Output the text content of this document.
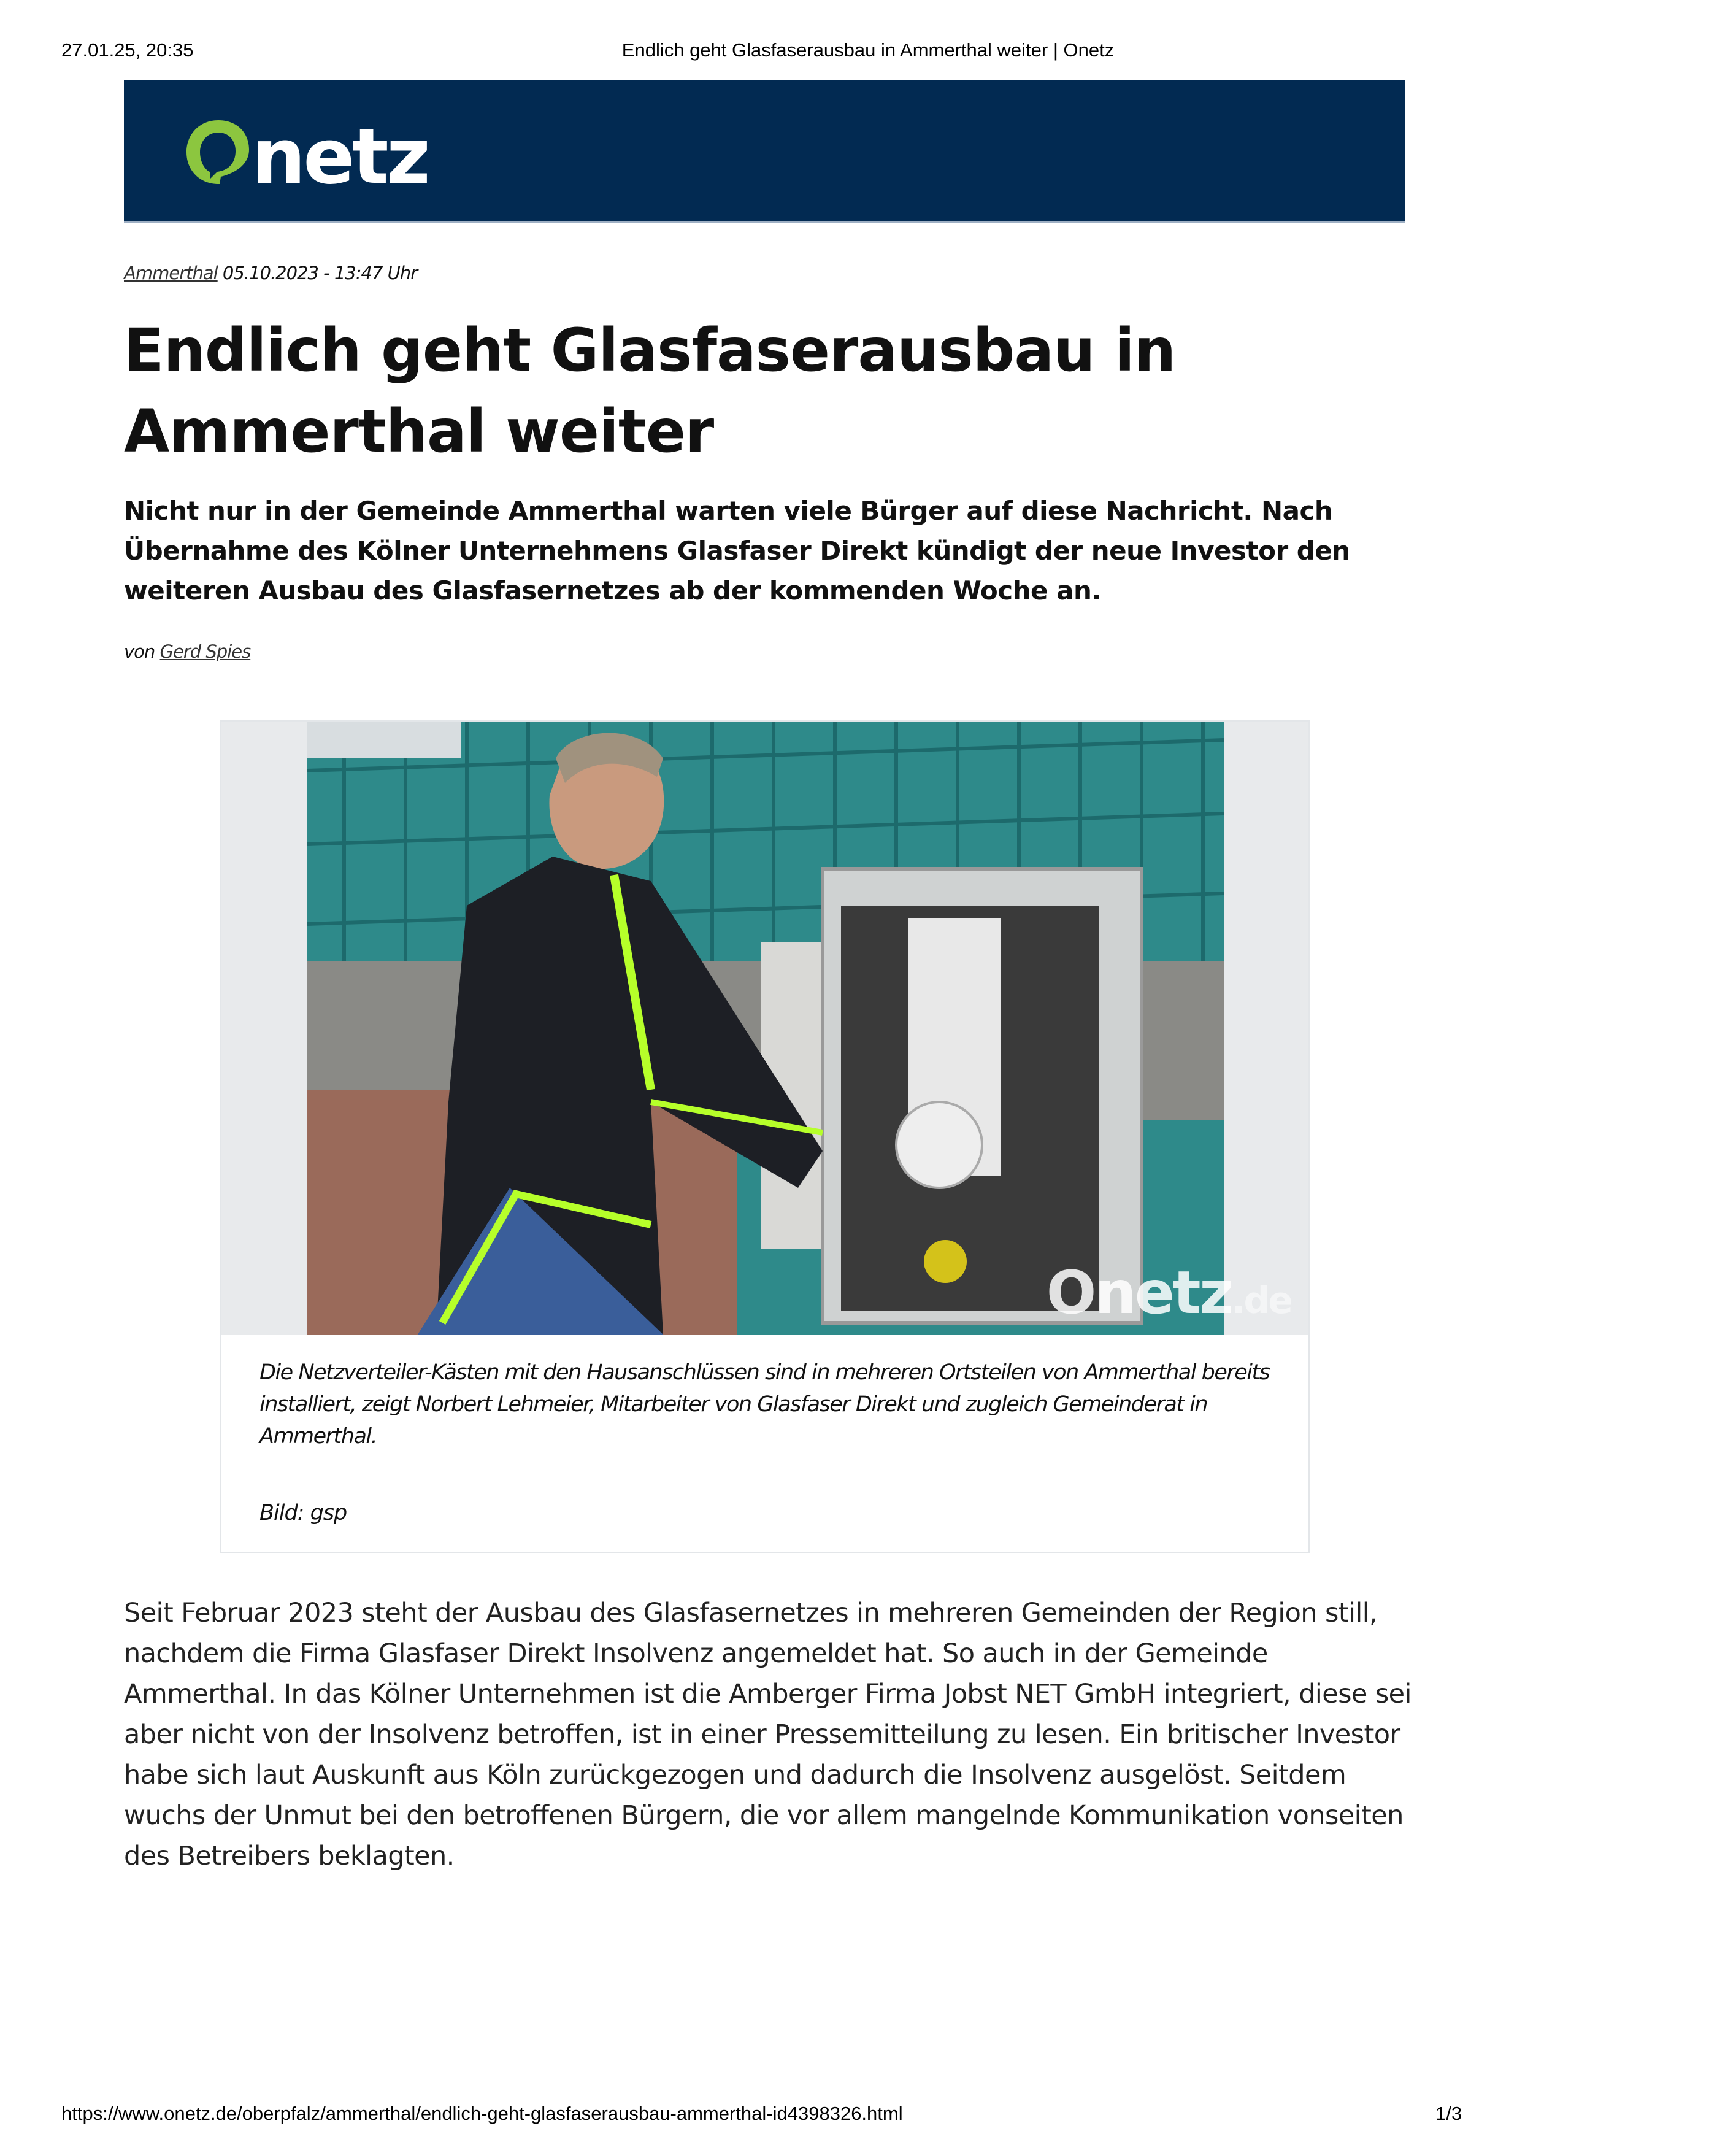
27.01.25, 20:35	Endlich geht Glasfaserausbau in Ammerthal weiter | Onetz
netz
Ammerthal 05.10.2023 - 13:47 Uhr
Endlich geht Glasfaserausbau in Ammerthal weiter

Nicht nur in der Gemeinde Ammerthal warten viele Bürger auf diese Nachricht. Nach Übernahme des Kölner Unternehmens Glasfaser Direkt kündigt der neue Investor den weiteren Ausbau des Glasfasernetzes ab der kommenden Woche an.

von Gerd Spies
Onetz.de
Die Netzverteiler-Kästen mit den Hausanschlüssen sind in mehreren Ortsteilen von Ammerthal bereits installiert, zeigt Norbert Lehmeier, Mitarbeiter von Glasfaser Direkt und zugleich Gemeinderat in Ammerthal.
Bild: gsp

Seit Februar 2023 steht der Ausbau des Glasfasernetzes in mehreren Gemeinden der Region still, nachdem die Firma Glasfaser Direkt Insolvenz angemeldet hat. So auch in der Gemeinde Ammerthal. In das Kölner Unternehmen ist die Amberger Firma Jobst NET GmbH integriert, diese sei aber nicht von der Insolvenz betroffen, ist in einer Pressemitteilung zu lesen. Ein britischer Investor habe sich laut Auskunft aus Köln zurückgezogen und dadurch die Insolvenz ausgelöst. Seitdem wuchs der Unmut bei den betroffenen Bürgern, die vor allem mangelnde Kommunikation vonseiten des Betreibers beklagten.

https://www.onetz.de/oberpfalz/ammerthal/endlich-geht-glasfaserausbau-ammerthal-id4398326.html	1/3
